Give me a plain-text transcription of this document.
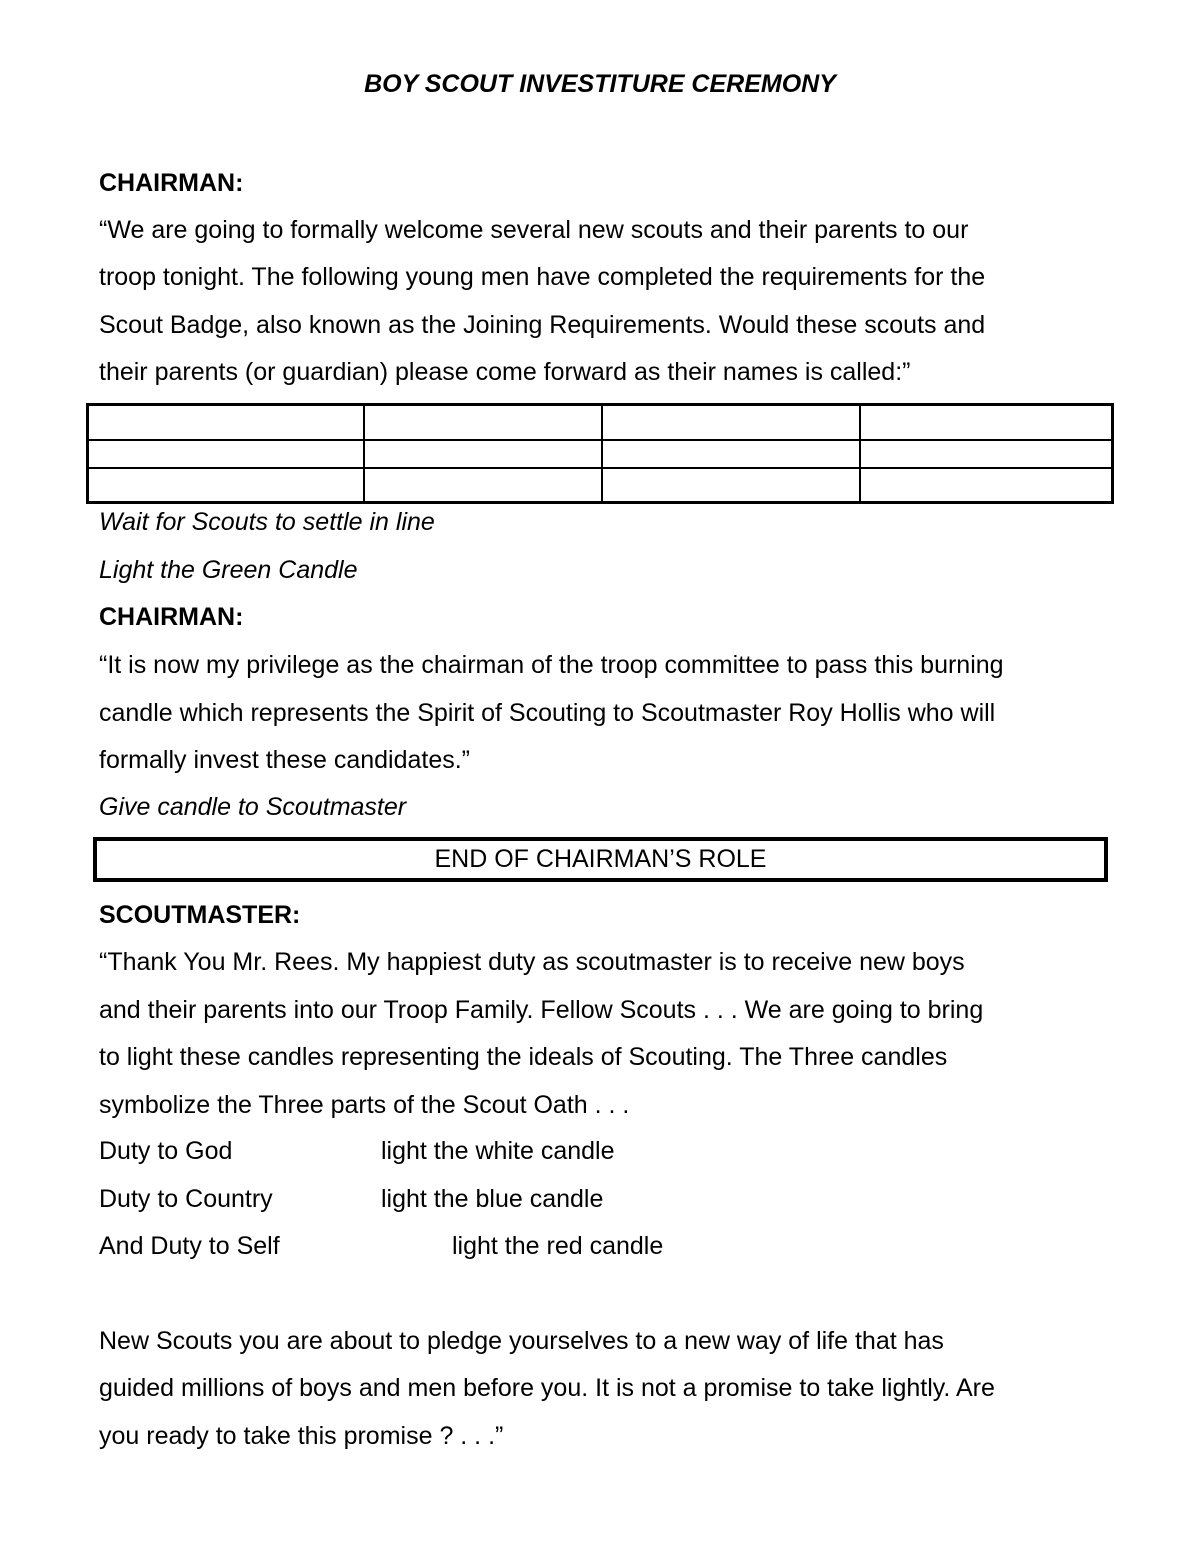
BOY SCOUT INVESTITURE CEREMONY
CHAIRMAN:
“We are going to formally welcome several new scouts and their parents to our
troop tonight. The following young men have completed the requirements for the
Scout Badge, also known as the Joining Requirements. Would these scouts and
their parents (or guardian) please come forward as their names is called:”

Wait for Scouts to settle in line
Light the Green Candle
CHAIRMAN:
“It is now my privilege as the chairman of the troop committee to pass this burning
candle which represents the Spirit of Scouting to Scoutmaster Roy Hollis who will
formally invest these candidates.”
Give candle to Scoutmaster
END OF CHAIRMAN’S ROLE
SCOUTMASTER:
“Thank You Mr. Rees. My happiest duty as scoutmaster is to receive new boys
and their parents into our Troop Family. Fellow Scouts . . . We are going to bring
to light these candles representing the ideals of Scouting. The Three candles
symbolize the Three parts of the Scout Oath . . .
Duty to God	light the white candle
Duty to Country	light the blue candle
And Duty to Self	light the red candle
New Scouts you are about to pledge yourselves to a new way of life that has
guided millions of boys and men before you. It is not a promise to take lightly. Are
you ready to take this promise ? . . .”
